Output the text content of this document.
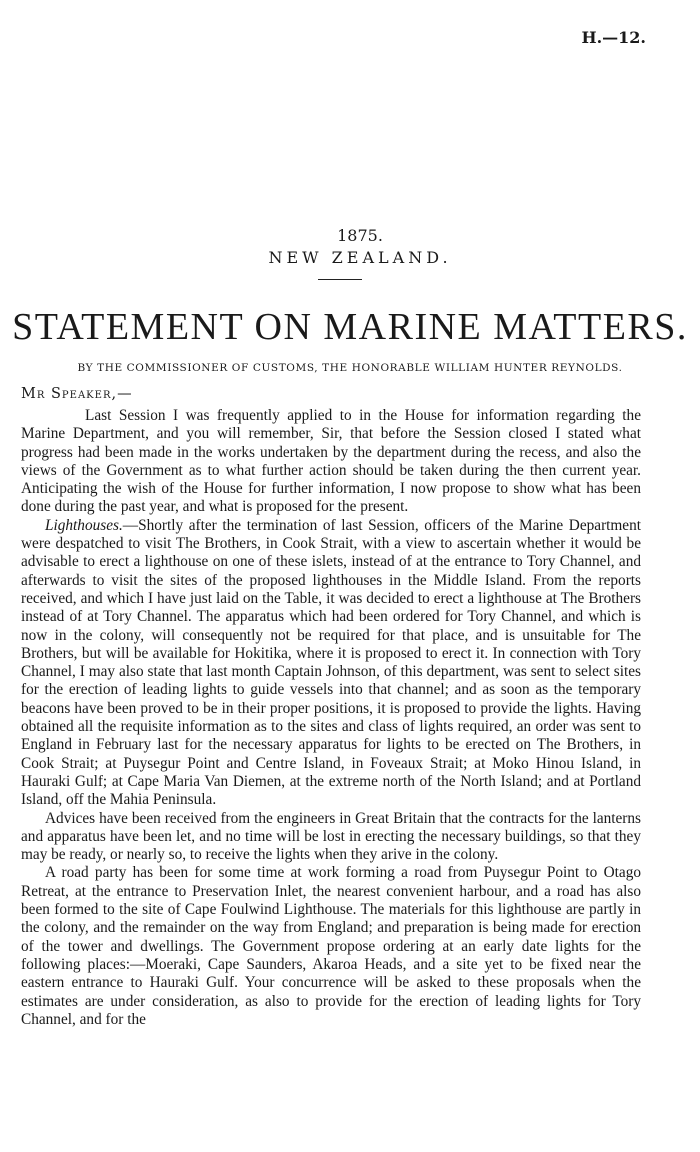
H.—12.
1875.
NEW ZEALAND.
STATEMENT ON MARINE MATTERS.
BY THE COMMISSIONER OF CUSTOMS, THE HONORABLE WILLIAM HUNTER REYNOLDS.
Mr Speaker,—

Last Session I was frequently applied to in the House for information regarding the Marine Department, and you will remember, Sir, that before the Session closed I stated what progress had been made in the works undertaken by the department during the recess, and also the views of the Government as to what further action should be taken during the then current year. Anticipating the wish of the House for further information, I now propose to show what has been done during the past year, and what is proposed for the present.

Lighthouses.—Shortly after the termination of last Session, officers of the Marine Department were despatched to visit The Brothers, in Cook Strait, with a view to ascertain whether it would be advisable to erect a lighthouse on one of these islets, instead of at the entrance to Tory Channel, and afterwards to visit the sites of the proposed lighthouses in the Middle Island. From the reports received, and which I have just laid on the Table, it was decided to erect a lighthouse at The Brothers instead of at Tory Channel. The apparatus which had been ordered for Tory Channel, and which is now in the colony, will consequently not be required for that place, and is unsuitable for The Brothers, but will be available for Hokitika, where it is proposed to erect it. In connection with Tory Channel, I may also state that last month Captain Johnson, of this department, was sent to select sites for the erection of leading lights to guide vessels into that channel; and as soon as the temporary beacons have been proved to be in their proper positions, it is proposed to provide the lights. Having obtained all the requisite information as to the sites and class of lights required, an order was sent to England in February last for the necessary apparatus for lights to be erected on The Brothers, in Cook Strait; at Puysegur Point and Centre Island, in Foveaux Strait; at Moko Hinou Island, in Hauraki Gulf; at Cape Maria Van Diemen, at the extreme north of the North Island; and at Portland Island, off the Mahia Peninsula.

Advices have been received from the engineers in Great Britain that the contracts for the lanterns and apparatus have been let, and no time will be lost in erecting the necessary buildings, so that they may be ready, or nearly so, to receive the lights when they arive in the colony.

A road party has been for some time at work forming a road from Puysegur Point to Otago Retreat, at the entrance to Preservation Inlet, the nearest convenient harbour, and a road has also been formed to the site of Cape Foulwind Lighthouse. The materials for this lighthouse are partly in the colony, and the remainder on the way from England; and preparation is being made for erection of the tower and dwellings. The Government propose ordering at an early date lights for the following places:—Moeraki, Cape Saunders, Akaroa Heads, and a site yet to be fixed near the eastern entrance to Hauraki Gulf. Your concurrence will be asked to these proposals when the estimates are under consideration, as also to provide for the erection of leading lights for Tory Channel, and for the
